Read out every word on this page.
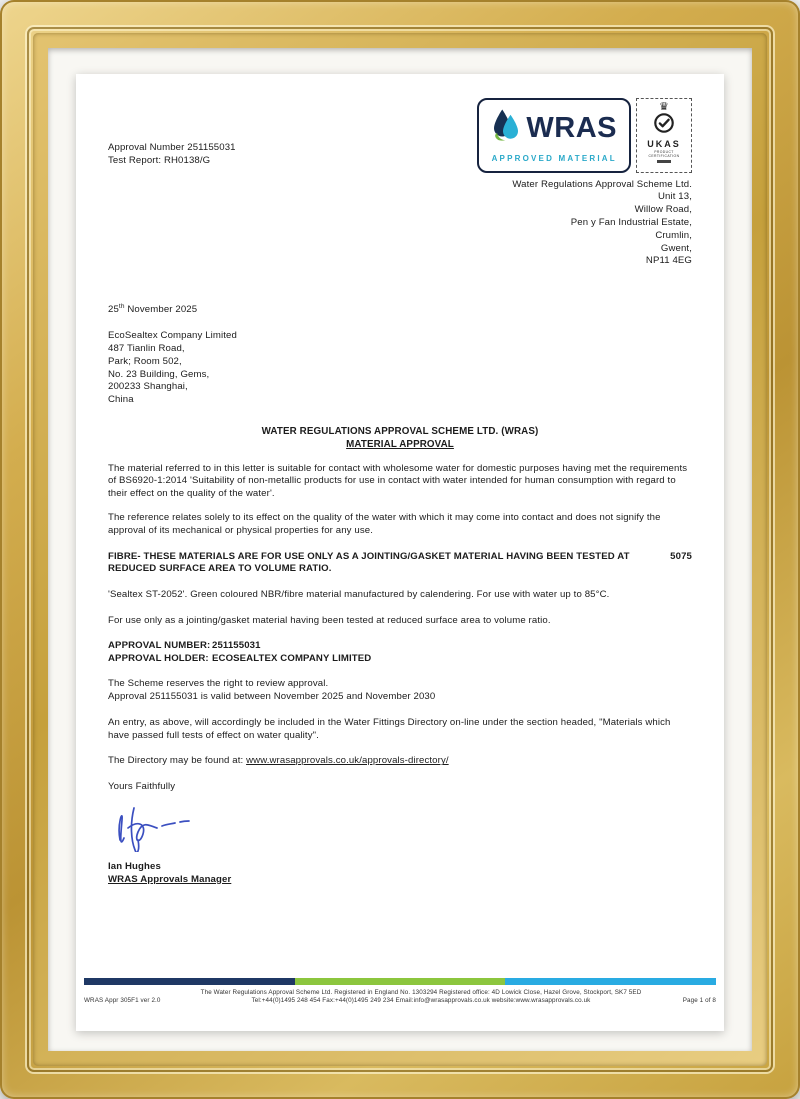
Approval Number 251155031
Test Report: RH0138/G
WRAS
APPROVED MATERIAL
♛
UKAS
PRODUCT CERTIFICATION
Water Regulations Approval Scheme Ltd.
Unit 13,
Willow Road,
Pen y Fan Industrial Estate,
Crumlin,
Gwent,
NP11 4EG
25th November 2025
EcoSealtex Company Limited
487 Tianlin Road,
Park; Room 502,
No. 23 Building, Gems,
200233 Shanghai,
China
WATER REGULATIONS APPROVAL SCHEME LTD. (WRAS)
MATERIAL APPROVAL

The material referred to in this letter is suitable for contact with wholesome water for domestic purposes having met the requirements of BS6920-1:2014 'Suitability of non-metallic products for use in contact with water intended for human consumption with regard to their effect on the quality of the water'.

The reference relates solely to its effect on the quality of the water with which it may come into contact and does not signify the approval of its mechanical or physical properties for any use.

FIBRE- THESE MATERIALS ARE FOR USE ONLY AS A JOINTING/GASKET MATERIAL HAVING BEEN TESTED AT REDUCED SURFACE AREA TO VOLUME RATIO.
5075

'Sealtex ST-2052'. Green coloured NBR/fibre material manufactured by calendering. For use with water up to 85°C.

For use only as a jointing/gasket material having been tested at reduced surface area to volume ratio.

APPROVAL NUMBER: 251155031
APPROVAL HOLDER: ECOSEALTEX COMPANY LIMITED

The Scheme reserves the right to review approval.

Approval 251155031 is valid between November 2025 and November 2030

An entry, as above, will accordingly be included in the Water Fittings Directory on-line under the section headed, "Materials which have passed full tests of effect on water quality".

The Directory may be found at: www.wrasapprovals.co.uk/approvals-directory/

Yours Faithfully

Ian Hughes
WRAS Approvals Manager
WRAS Appr 305F1 ver 2.0
The Water Regulations Approval Scheme Ltd. Registered in England No. 1303294 Registered office: 4D Lowick Close, Hazel Grove, Stockport, SK7 5ED
Tel:+44(0)1495 248 454 Fax:+44(0)1495 249 234 Email:info@wrasapprovals.co.uk website:www.wrasapprovals.co.uk	Page 1 of 8
